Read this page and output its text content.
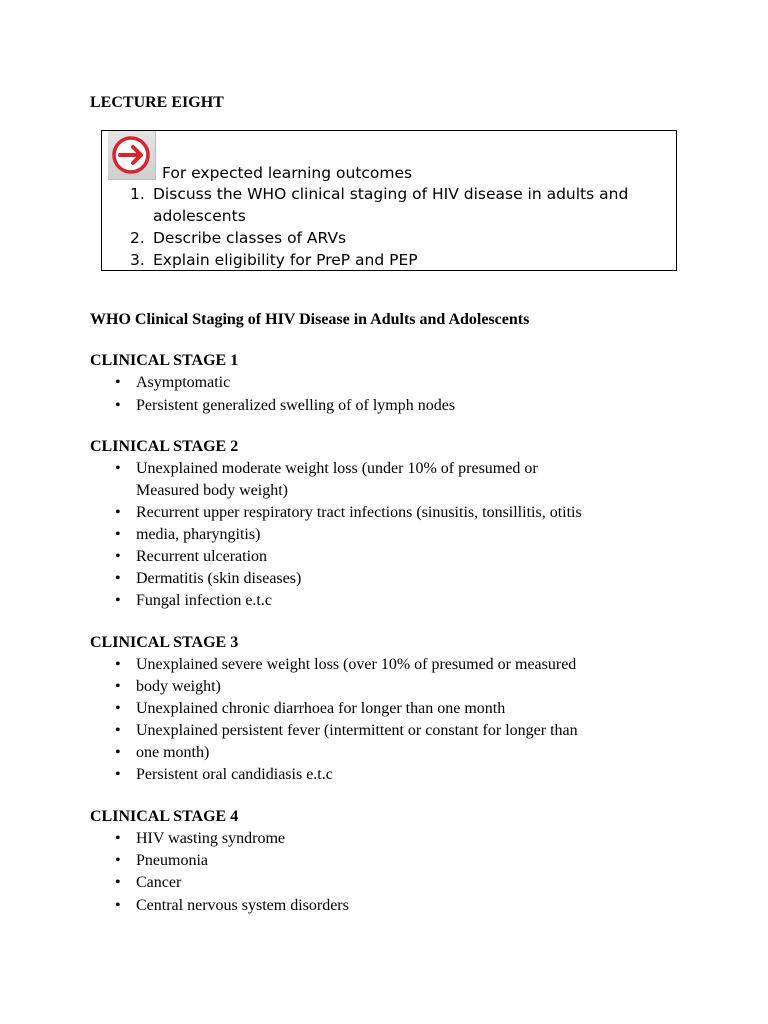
LECTURE EIGHT
For expected learning outcomes
1. Discuss the WHO clinical staging of HIV disease in adults and
adolescents
2. Describe classes of ARVs
3. Explain eligibility for PreP and PEP
WHO Clinical Staging of HIV Disease in Adults and Adolescents
CLINICAL STAGE 1
• Asymptomatic
• Persistent generalized swelling of of lymph nodes
CLINICAL STAGE 2
• Unexplained moderate weight loss (under 10% of presumed or
Measured body weight)
• Recurrent upper respiratory tract infections (sinusitis, tonsillitis, otitis
• media, pharyngitis)
• Recurrent ulceration
• Dermatitis (skin diseases)
• Fungal infection e.t.c
CLINICAL STAGE 3
• Unexplained severe weight loss (over 10% of presumed or measured
• body weight)
• Unexplained chronic diarrhoea for longer than one month
• Unexplained persistent fever (intermittent or constant for longer than
• one month)
• Persistent oral candidiasis e.t.c
CLINICAL STAGE 4
• HIV wasting syndrome
• Pneumonia
• Cancer
• Central nervous system disorders
